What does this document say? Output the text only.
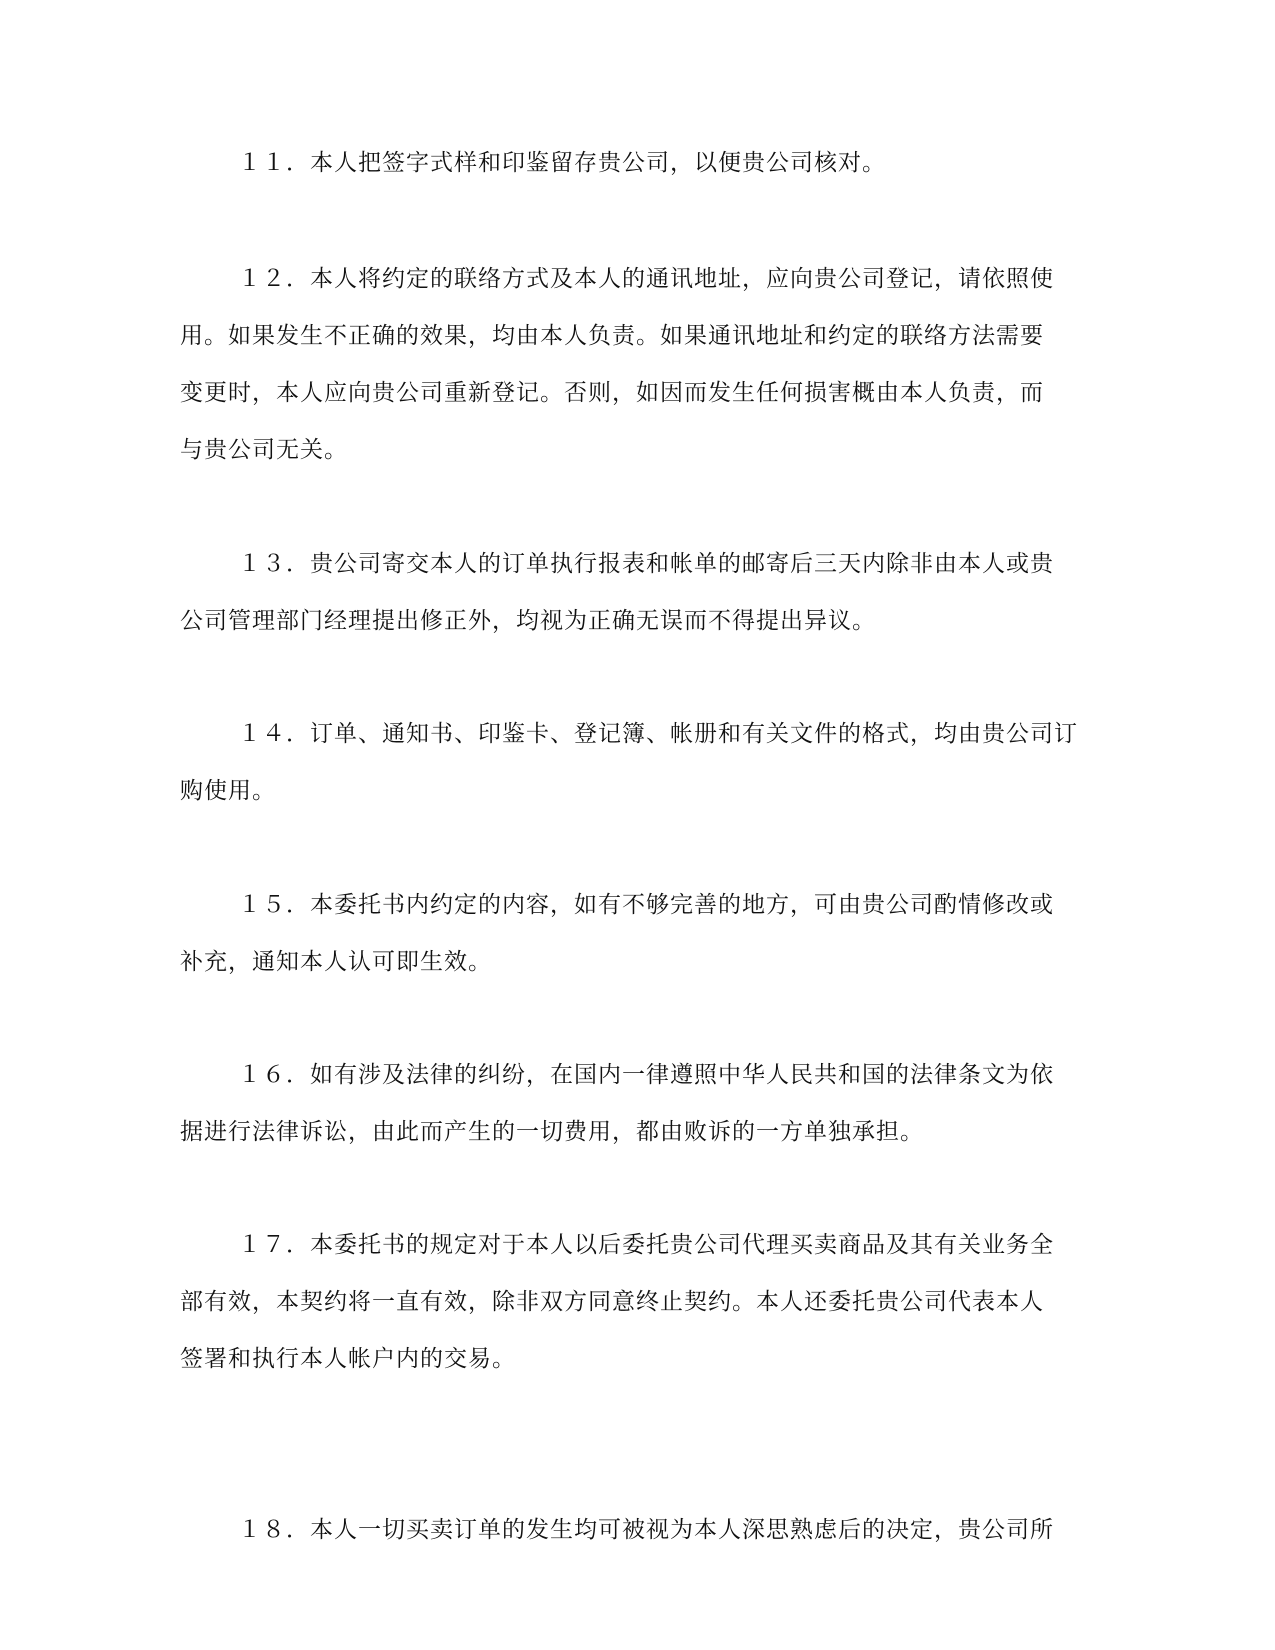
１１．本人把签字式样和印鉴留存贵公司，以便贵公司核对。
１２．本人将约定的联络方式及本人的通讯地址，应向贵公司登记，请依照使
用。如果发生不正确的效果，均由本人负责。如果通讯地址和约定的联络方法需要
变更时，本人应向贵公司重新登记。否则，如因而发生任何损害概由本人负责，而
与贵公司无关。
１３．贵公司寄交本人的订单执行报表和帐单的邮寄后三天内除非由本人或贵
公司管理部门经理提出修正外，均视为正确无误而不得提出异议。
１４．订单、通知书、印鉴卡、登记簿、帐册和有关文件的格式，均由贵公司订
购使用。
１５．本委托书内约定的内容，如有不够完善的地方，可由贵公司酌情修改或
补充，通知本人认可即生效。
１６．如有涉及法律的纠纷，在国内一律遵照中华人民共和国的法律条文为依
据进行法律诉讼，由此而产生的一切费用，都由败诉的一方单独承担。
１７．本委托书的规定对于本人以后委托贵公司代理买卖商品及其有关业务全
部有效，本契约将一直有效，除非双方同意终止契约。本人还委托贵公司代表本人
签署和执行本人帐户内的交易。
１８．本人一切买卖订单的发生均可被视为本人深思熟虑后的决定，贵公司所
